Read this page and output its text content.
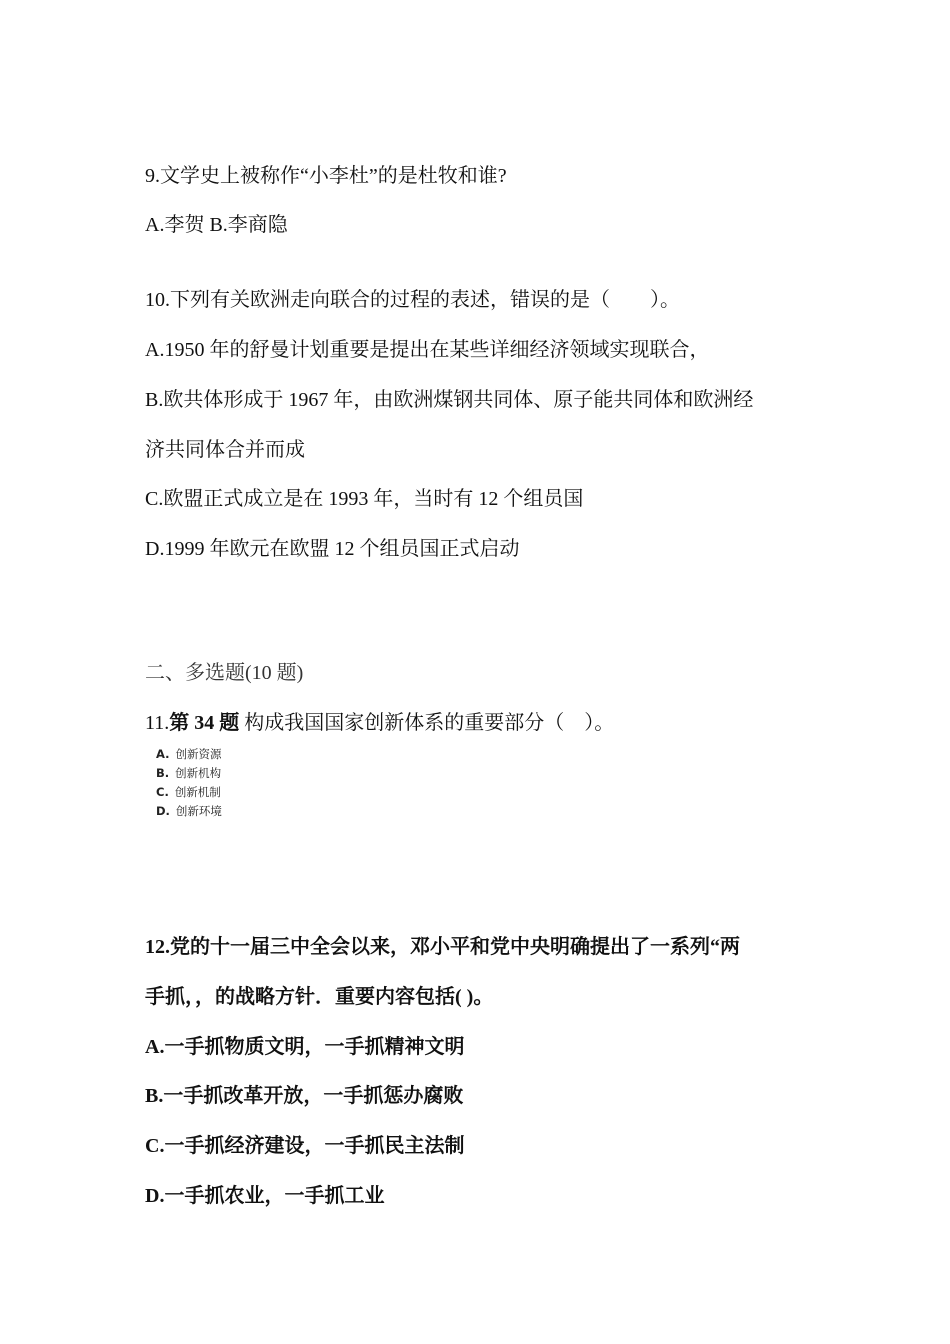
9.文学史上被称作“小李杜”的是杜牧和谁?
A.李贺 B.李商隐
10.下列有关欧洲走向联合的过程的表述，错误的是（　　）。
A.1950 年的舒曼计划重要是提出在某些详细经济领域实现联合，
B.欧共体形成于 1967 年，由欧洲煤钢共同体、原子能共同体和欧洲经
济共同体合并而成
C.欧盟正式成立是在 1993 年，当时有 12 个组员国
D.1999 年欧元在欧盟 12 个组员国正式启动
二、多选题(10 题)
11.第 34 题 构成我国国家创新体系的重要部分（　）。
A. 创新资源
B. 创新机构
C. 创新机制
D. 创新环境
12.党的十一届三中全会以来，邓小平和党中央明确提出了一系列“两
手抓，，的战略方针．重要内容包括( )。
A.一手抓物质文明，一手抓精神文明
B.一手抓改革开放，一手抓惩办腐败
C.一手抓经济建设，一手抓民主法制
D.一手抓农业，一手抓工业
